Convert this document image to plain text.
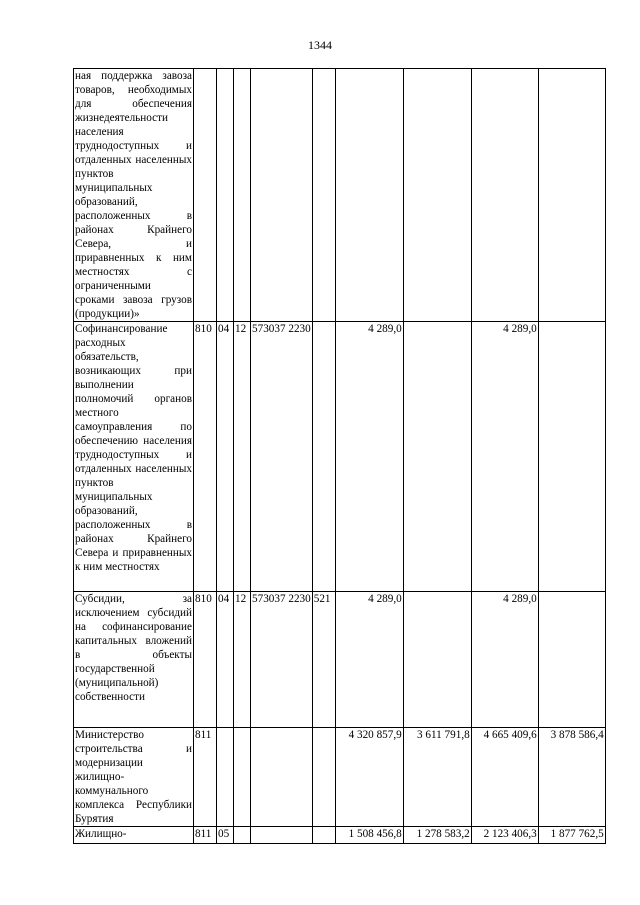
1344
ная поддержка завоза товаров, необходимых для обеспечения жизнедеятельности населения труднодоступных и отдаленных населенных пунктов муниципальных образований, расположенных в районах Крайнего Севера, и приравненных к ним местностях с ограниченными сроками завоза грузов (продукции)»									
Софинансирование расходных обязательств, возникающих при выполнении полномочий органов местного самоуправления по обеспечению населения труднодоступных и отдаленных населенных пунктов муниципальных образований, расположенных в районах Крайнего Севера и приравненных к ним местностях	810	04	12	573037 2230		4 289,0		4 289,0	
Субсидии, за исключением субсидий на софинансирование капитальных вложений в объекты государственной (муниципальной) собственности	810	04	12	573037 2230	521	4 289,0		4 289,0	
Министерство строительства и модернизации жилищно-коммунального комплекса Республики Бурятия	811					4 320 857,9	3 611 791,8	4 665 409,6	3 878 586,4
Жилищно-	811	05				1 508 456,8	1 278 583,2	2 123 406,3	1 877 762,5
